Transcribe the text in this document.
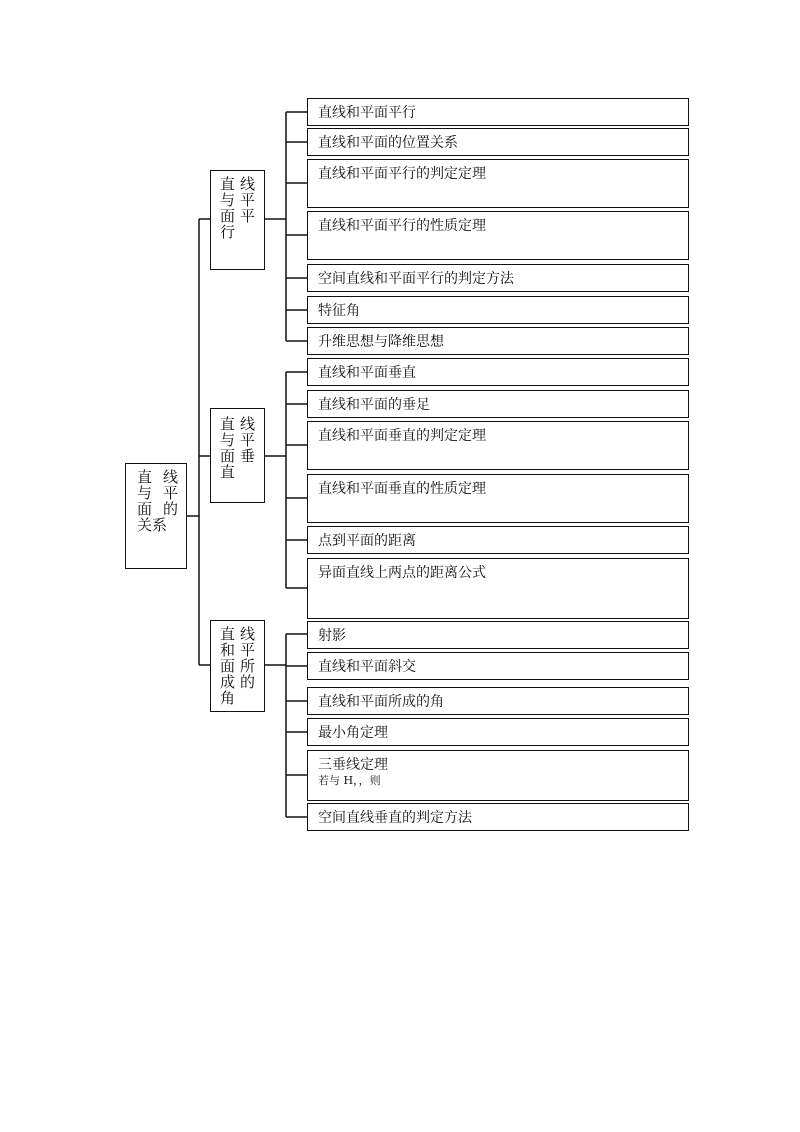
直 线
与 平
面 的
关系
直 线
与 平
面 平
行
直 线
与 平
面 垂
直
直 线
和 平
面 所
成 的
角
直线和平面平行
直线和平面的位置关系
直线和平面平行的判定定理
直线和平面平行的性质定理
空间直线和平面平行的判定方法
特征角
升维思想与降维思想
直线和平面垂直
直线和平面的垂足
直线和平面垂直的判定定理
直线和平面垂直的性质定理
点到平面的距离
异面直线上两点的距离公式
射影
直线和平面斜交
直线和平面所成的角
最小角定理
三垂线定理
若与 H，，则
空间直线垂直的判定方法
